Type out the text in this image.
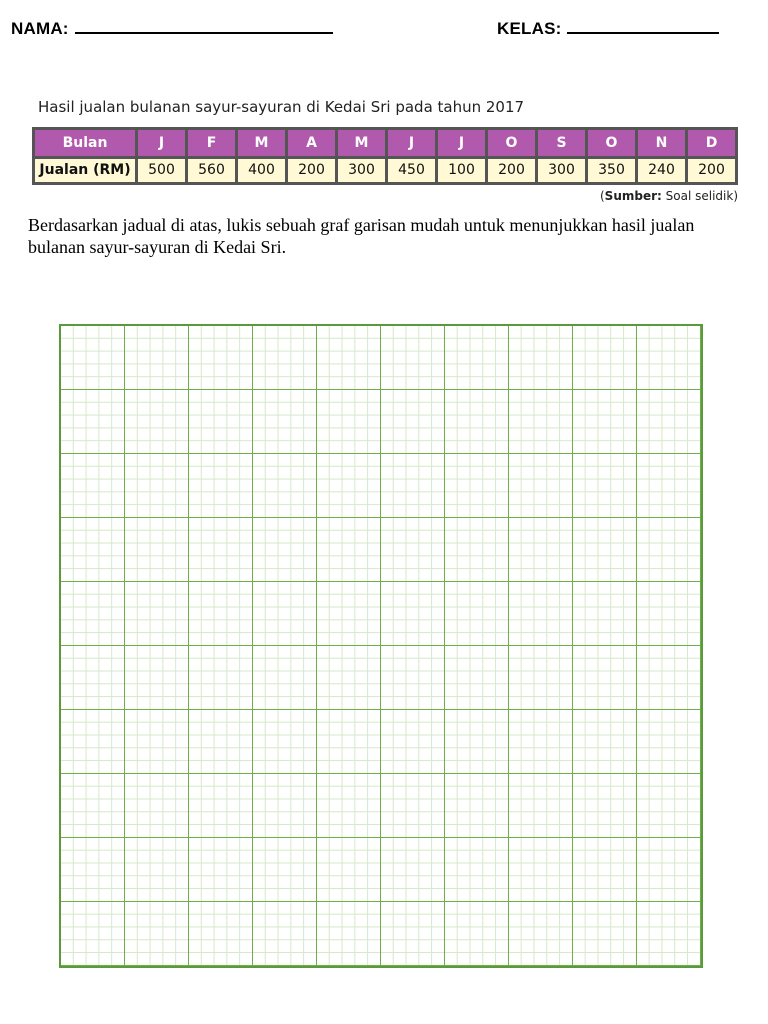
NAMA:	KELAS:
Hasil jualan bulanan sayur-sayuran di Kedai Sri pada tahun 2017
Bulan	J	F	M	A	M	J	J	O	S	O	N	D
Jualan (RM)	500	560	400	200	300	450	100	200	300	350	240	200
(Sumber: Soal selidik)

Berdasarkan jadual di atas, lukis sebuah graf garisan mudah untuk menunjukkan hasil jualan bulanan sayur-sayuran di Kedai Sri.
